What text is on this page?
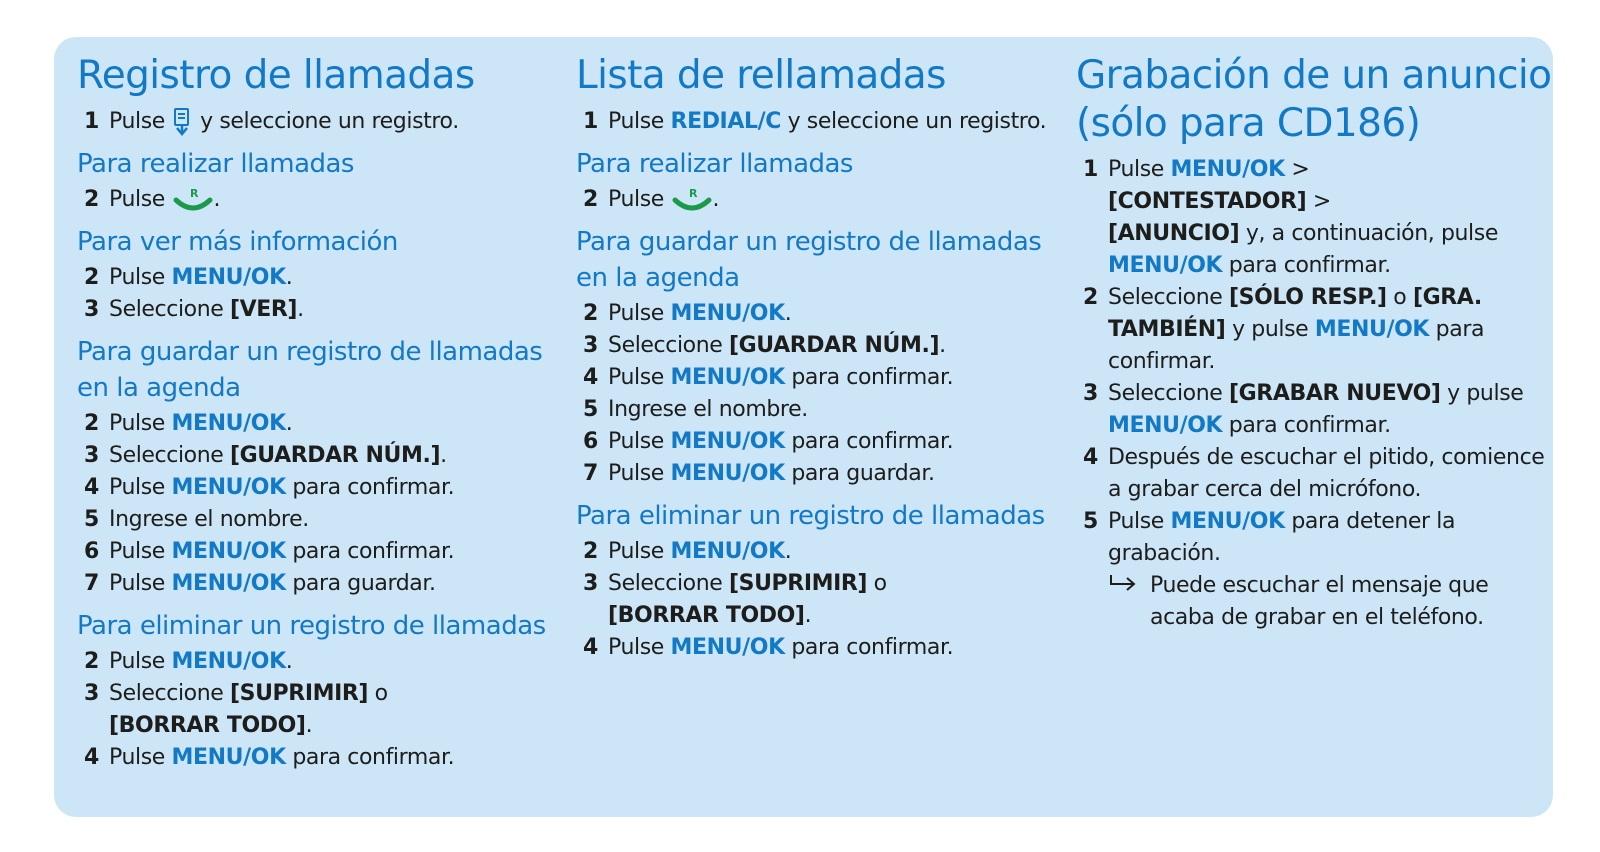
Registro de llamadas
1 Pulse y seleccione un registro.
Para realizar llamadas
2 Pulse R .
Para ver más información
2 Pulse MENU/OK.
3 Seleccione [VER].
Para guardar un registro de llamadas en la agenda
2 Pulse MENU/OK.
3 Seleccione [GUARDAR NÚM.].
4 Pulse MENU/OK para confirmar.
5 Ingrese el nombre.
6 Pulse MENU/OK para confirmar.
7 Pulse MENU/OK para guardar.
Para eliminar un registro de llamadas
2 Pulse MENU/OK.
3 Seleccione [SUPRIMIR] o
[BORRAR TODO].
4 Pulse MENU/OK para confirmar.
Lista de rellamadas
1 Pulse REDIAL/C y seleccione un registro.
Para realizar llamadas
2 Pulse R .
Para guardar un registro de llamadas en la agenda
2 Pulse MENU/OK.
3 Seleccione [GUARDAR NÚM.].
4 Pulse MENU/OK para confirmar.
5 Ingrese el nombre.
6 Pulse MENU/OK para confirmar.
7 Pulse MENU/OK para guardar.
Para eliminar un registro de llamadas
2 Pulse MENU/OK.
3 Seleccione [SUPRIMIR] o
[BORRAR TODO].
4 Pulse MENU/OK para confirmar.
Grabación de un anuncio (sólo para CD186)
1 Pulse MENU/OK >
[CONTESTADOR] >
[ANUNCIO] y, a continuación, pulse MENU/OK para confirmar.
2 Seleccione [SÓLO RESP.] o [GRA. TAMBIÉN] y pulse MENU/OK para confirmar.
3 Seleccione [GRABAR NUEVO] y pulse MENU/OK para confirmar.
4 Después de escuchar el pitido, comience a grabar cerca del micrófono.
5 Pulse MENU/OK para detener la grabación.
Puede escuchar el mensaje que acaba de grabar en el teléfono.
